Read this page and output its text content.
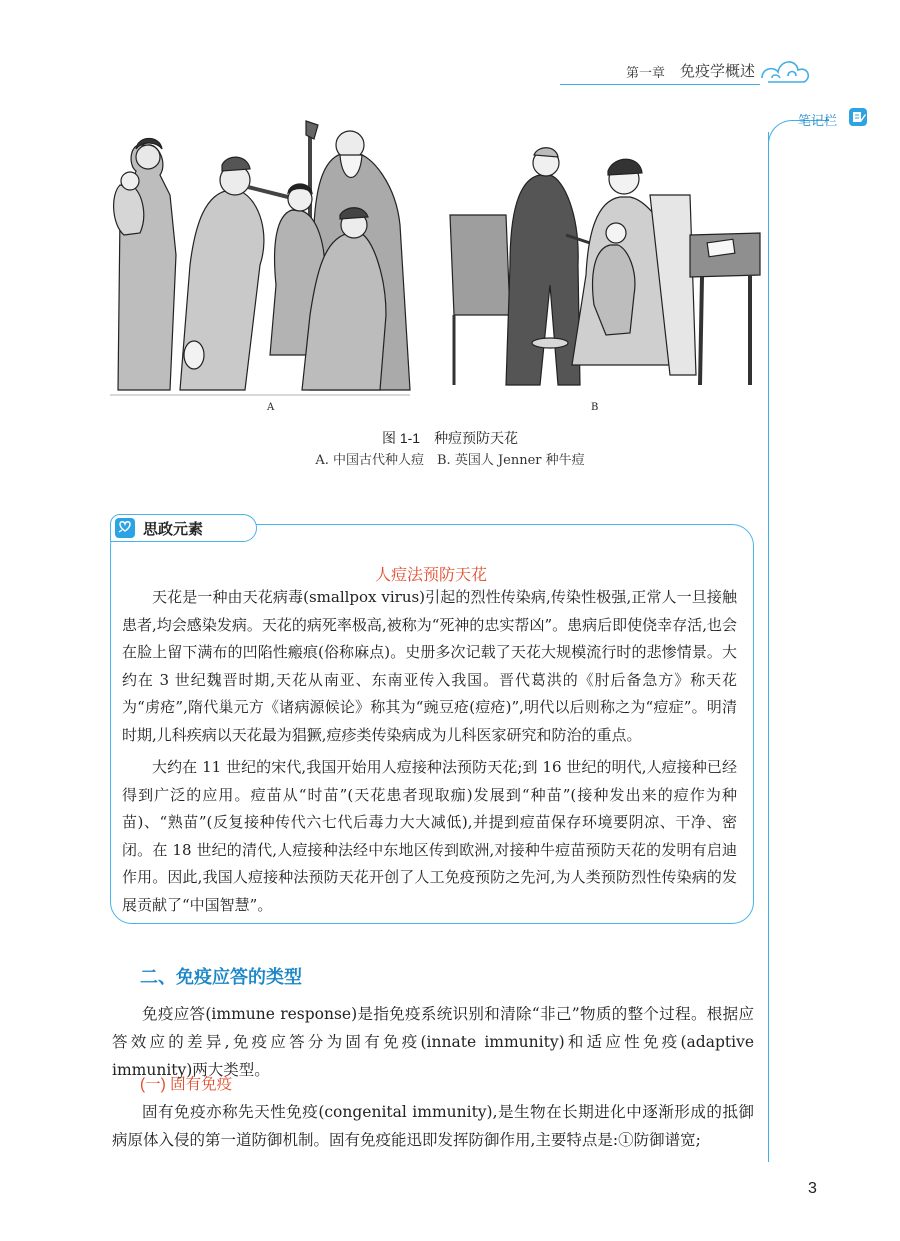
第一章 免疫学概述
笔记栏
A	B
图 1-1 种痘预防天花
A. 中国古代种人痘　B. 英国人 Jenner 种牛痘
思政元素
人痘法预防天花

天花是一种由天花病毒(smallpox virus)引起的烈性传染病,传染性极强,正常人一旦接触患者,均会感染发病。天花的病死率极高,被称为“死神的忠实帮凶”。患病后即使侥幸存活,也会在脸上留下满布的凹陷性瘢痕(俗称麻点)。史册多次记载了天花大规模流行时的悲惨情景。大约在 3 世纪魏晋时期,天花从南亚、东南亚传入我国。晋代葛洪的《肘后备急方》称天花为“虏疮”,隋代巢元方《诸病源候论》称其为“豌豆疮(痘疮)”,明代以后则称之为“痘症”。明清时期,儿科疾病以天花最为猖獗,痘疹类传染病成为儿科医家研究和防治的重点。

大约在 11 世纪的宋代,我国开始用人痘接种法预防天花;到 16 世纪的明代,人痘接种已经得到广泛的应用。痘苗从“时苗”(天花患者现取痂)发展到“种苗”(接种发出来的痘作为种苗)、“熟苗”(反复接种传代六七代后毒力大大减低),并提到痘苗保存环境要阴凉、干净、密闭。在 18 世纪的清代,人痘接种法经中东地区传到欧洲,对接种牛痘苗预防天花的发明有启迪作用。因此,我国人痘接种法预防天花开创了人工免疫预防之先河,为人类预防烈性传染病的发展贡献了“中国智慧”。

二、免疫应答的类型

免疫应答(immune response)是指免疫系统识别和清除“非己”物质的整个过程。根据应答效应的差异,免疫应答分为固有免疫(innate immunity)和适应性免疫(adaptive immunity)两大类型。

(一) 固有免疫

固有免疫亦称先天性免疫(congenital immunity),是生物在长期进化中逐渐形成的抵御病原体入侵的第一道防御机制。固有免疫能迅即发挥防御作用,主要特点是:①防御谱宽;

3
